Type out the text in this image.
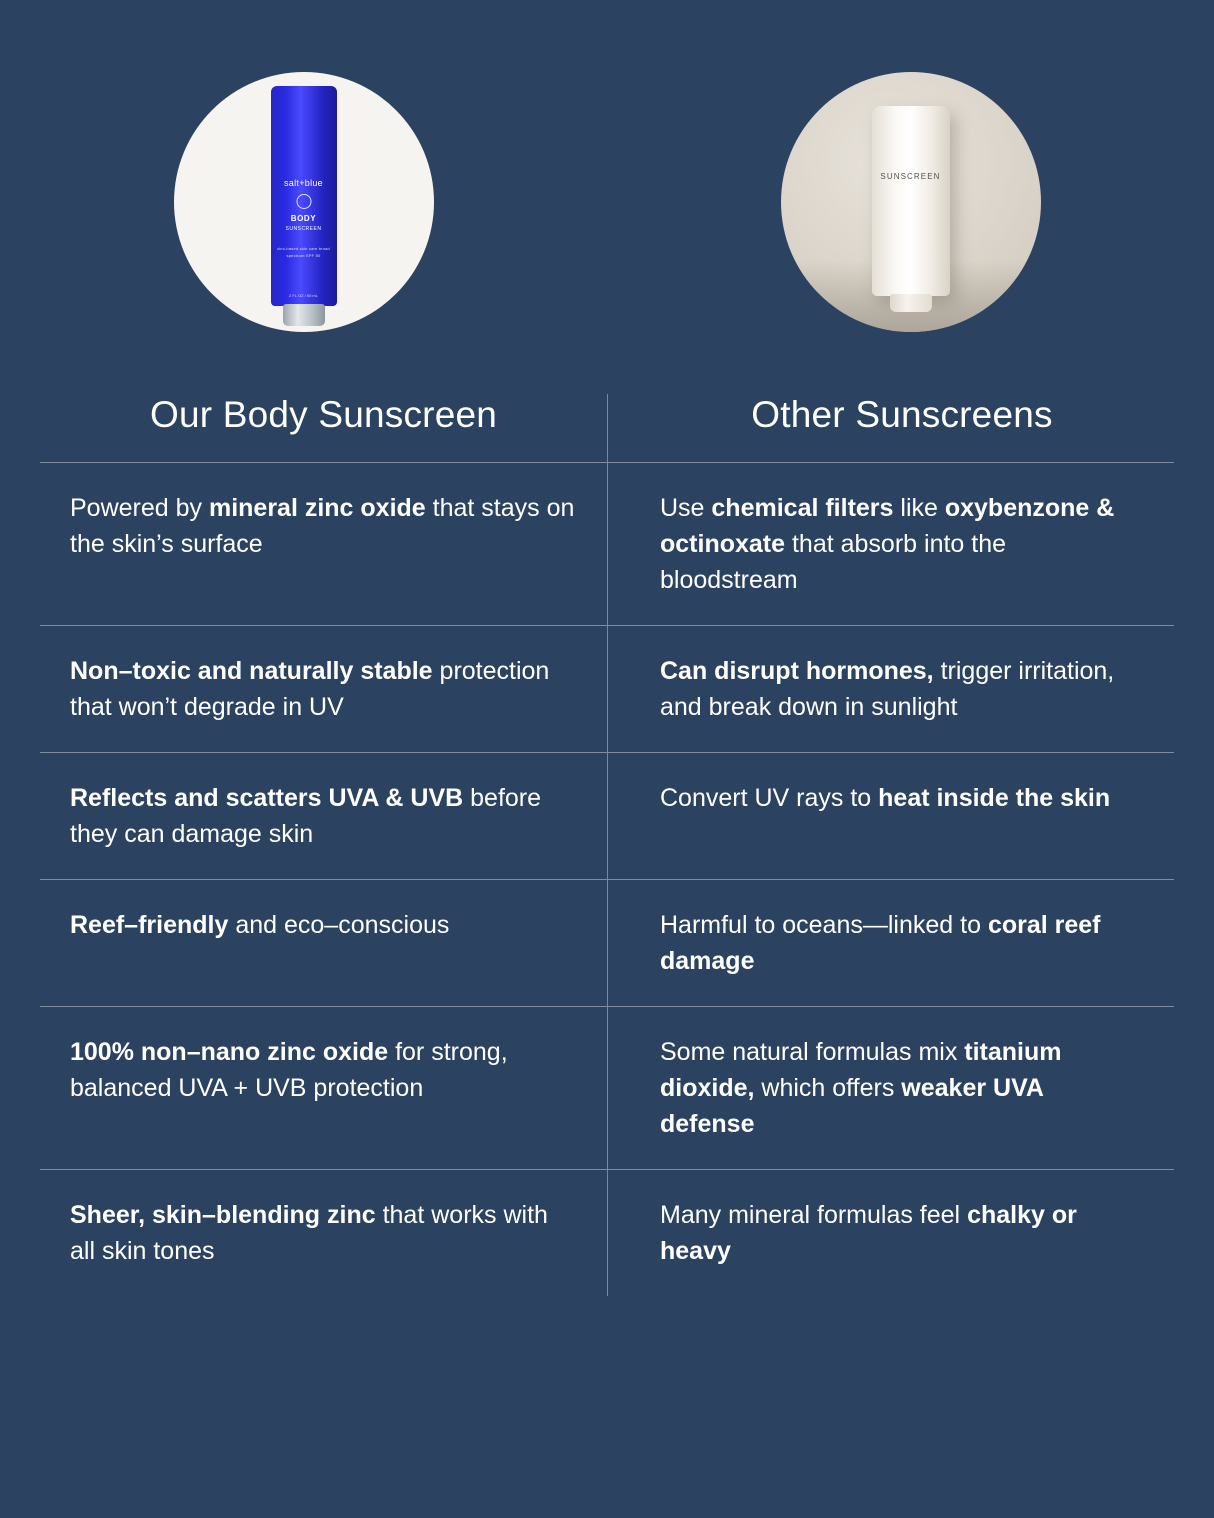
salt+blue
BODY
SUNSCREEN
zinc-based skin care broad spectrum SPF 50
2 FL OZ / 60 mL
SUNSCREEN
Our Body Sunscreen	Other Sunscreens
Powered by mineral zinc oxide that stays on the skin’s surface
Use chemical filters like oxybenzone & octinoxate that absorb into the bloodstream
Non–toxic and naturally stable protection that won’t degrade in UV
Can disrupt hormones, trigger irritation, and break down in sunlight
Reflects and scatters UVA & UVB before they can damage skin
Convert UV rays to heat inside the skin
Reef–friendly and eco–conscious	Harmful to oceans—linked to coral reef damage
100% non–nano zinc oxide for strong, balanced UVA + UVB protection
Some natural formulas mix titanium dioxide, which offers weaker UVA defense
Sheer, skin–blending zinc that works with all skin tones
Many mineral formulas feel chalky or heavy
